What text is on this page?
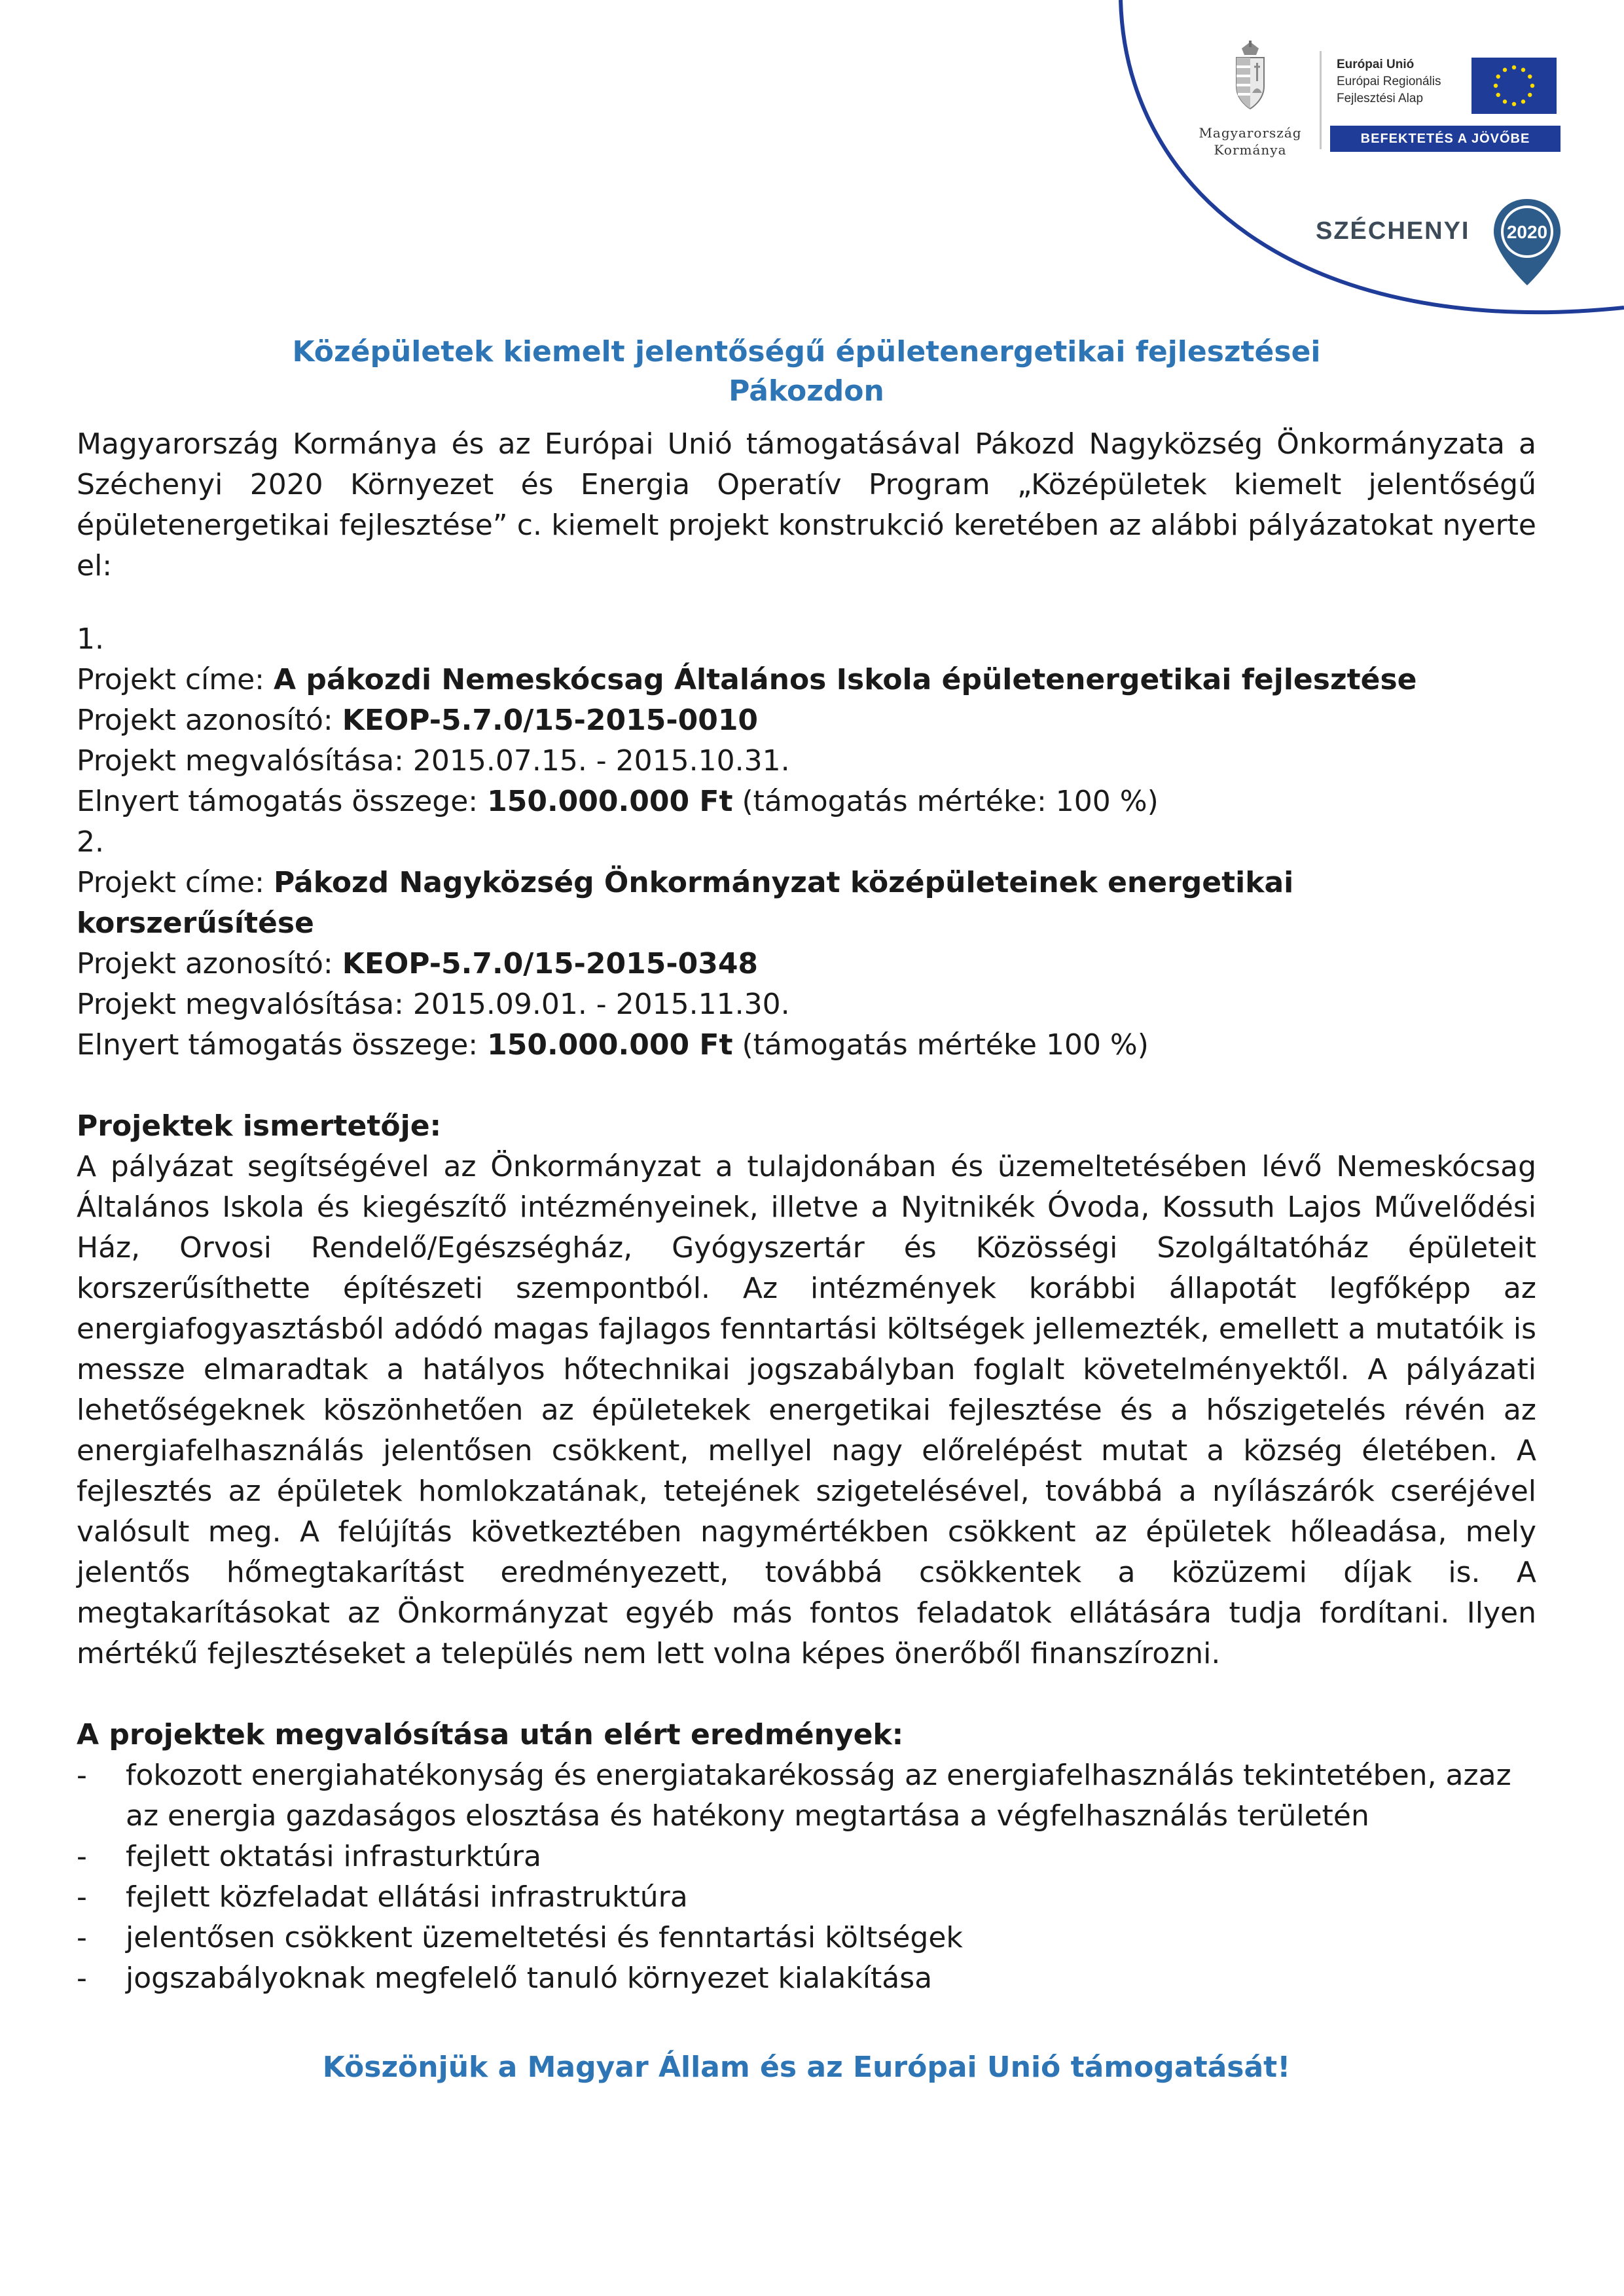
Magyarország
Kormánya
Európai Unió
Európai Regionális
Fejlesztési Alap
BEFEKTETÉS A JÖVŐBE
SZÉCHENYI 2020
Középületek kiemelt jelentőségű épületenergetikai fejlesztései
Pákozdon

Magyarország Kormánya és az Európai Unió támogatásával Pákozd Nagyközség Önkormányzata a Széchenyi 2020 Környezet és Energia Operatív Program „Középületek kiemelt jelentőségű épületenergetikai fejlesztése” c. kiemelt projekt konstrukció keretében az alábbi pályázatokat nyerte el:

1.

Projekt címe: A pákozdi Nemeskócsag Általános Iskola épületenergetikai fejlesztése

Projekt azonosító: KEOP-5.7.0/15-2015-0010

Projekt megvalósítása: 2015.07.15. - 2015.10.31.

Elnyert támogatás összege: 150.000.000 Ft (támogatás mértéke: 100 %)

2.

Projekt címe: Pákozd Nagyközség Önkormányzat középületeinek energetikai korszerűsítése

Projekt azonosító: KEOP-5.7.0/15-2015-0348

Projekt megvalósítása: 2015.09.01. - 2015.11.30.

Elnyert támogatás összege: 150.000.000 Ft (támogatás mértéke 100 %)

Projektek ismertetője:

A pályázat segítségével az Önkormányzat a tulajdonában és üzemeltetésében lévő Nemeskócsag Általános Iskola és kiegészítő intézményeinek, illetve a Nyitnikék Óvoda, Kossuth Lajos Művelődési Ház, Orvosi Rendelő/Egészségház, Gyógyszertár és Közösségi Szolgáltatóház épületeit korszerűsíthette építészeti szempontból. Az intézmények korábbi állapotát legfőképp az energiafogyasztásból adódó magas fajlagos fenntartási költségek jellemezték, emellett a mutatóik is messze elmaradtak a hatályos hőtechnikai jogszabályban foglalt követelményektől. A pályázati lehetőségeknek köszönhetően az épületekek energetikai fejlesztése és a hőszigetelés révén az energiafelhasználás jelentősen csökkent, mellyel nagy előrelépést mutat a község életében. A fejlesztés az épületek homlokzatának, tetejének szigetelésével, továbbá a nyílászárók cseréjével valósult meg. A felújítás következtében nagymértékben csökkent az épületek hőleadása, mely jelentős hőmegtakarítást eredményezett, továbbá csökkentek a közüzemi díjak is. A megtakarításokat az Önkormányzat egyéb más fontos feladatok ellátására tudja fordítani. Ilyen mértékű fejlesztéseket a település nem lett volna képes önerőből finanszírozni.

A projektek megvalósítása után elért eredmények:
- fokozott energiahatékonyság és energiatakarékosság az energiafelhasználás tekintetében, azaz az energia gazdaságos elosztása és hatékony megtartása a végfelhasználás területén
- fejlett oktatási infrasturktúra
- fejlett közfeladat ellátási infrastruktúra
- jelentősen csökkent üzemeltetési és fenntartási költségek
- jogszabályoknak megfelelő tanuló környezet kialakítása

Köszönjük a Magyar Állam és az Európai Unió támogatását!
